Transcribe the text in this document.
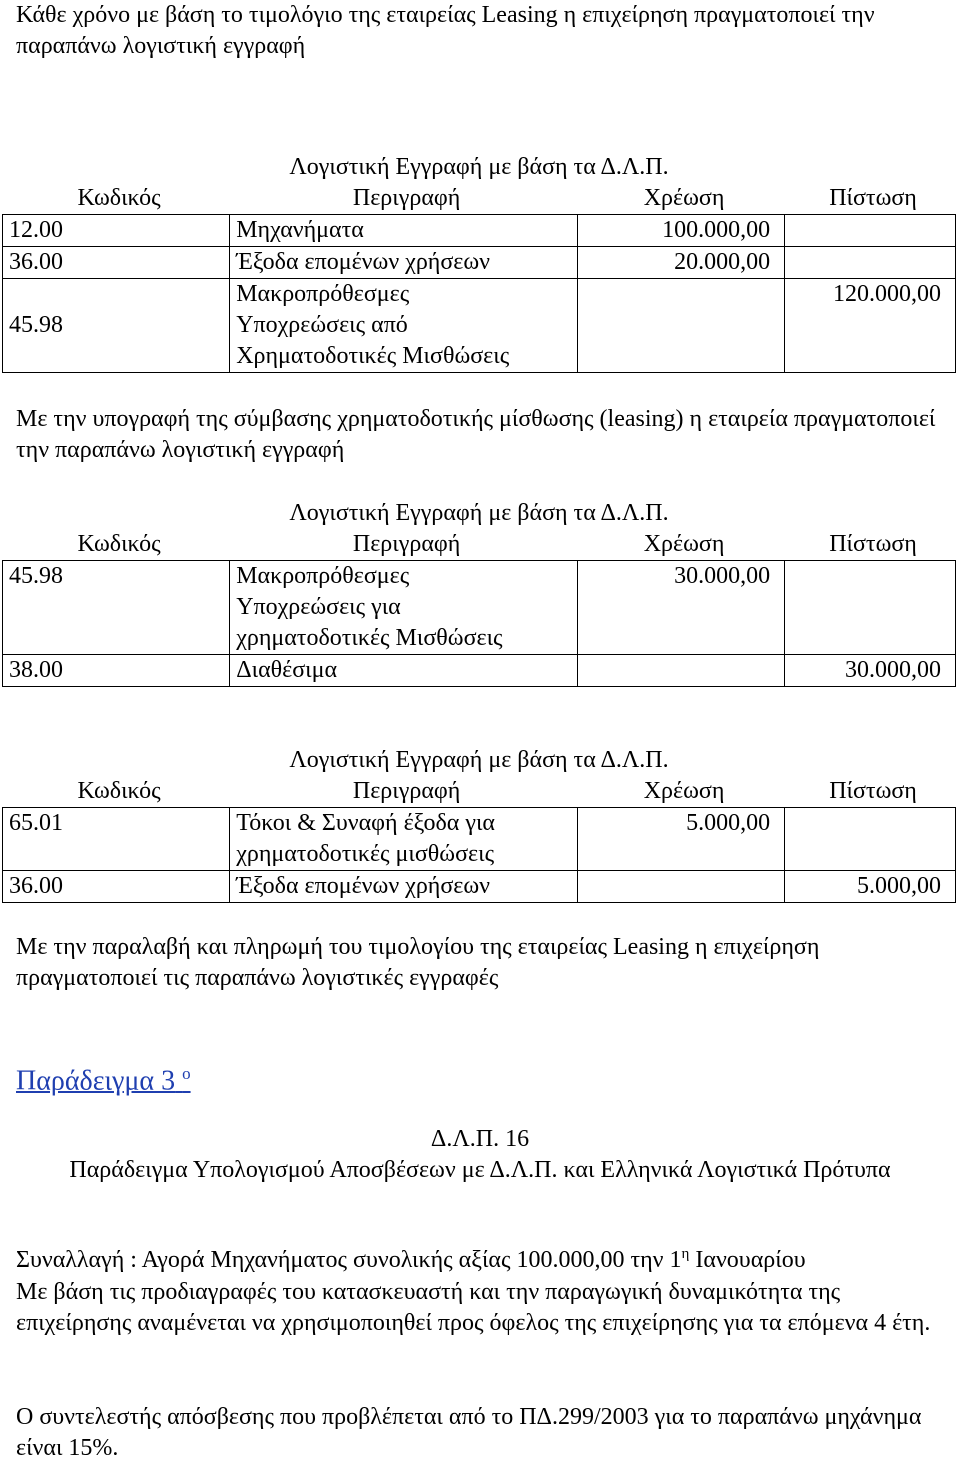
Κάθε χρόνο με βάση το τιμολόγιο της εταιρείας Leasing η επιχείρηση πραγματοποιεί την παραπάνω λογιστική εγγραφή

Λογιστική Εγγραφή με βάση τα Δ.Λ.Π.			
Κωδικός	Περιγραφή	Χρέωση	Πίστωση
12.00	Μηχανήματα	100.000,00	
36.00	Έξοδα επομένων χρήσεων	20.000,00	
45.98	Μακροπρόθεσμες
Υποχρεώσεις από
Χρηματοδοτικές Μισθώσεις		120.000,00

Με την υπογραφή της σύμβασης χρηματοδοτικής μίσθωσης (leasing) η εταιρεία πραγματοποιεί την παραπάνω λογιστική εγγραφή

Λογιστική Εγγραφή με βάση τα Δ.Λ.Π.			
Κωδικός	Περιγραφή	Χρέωση	Πίστωση
45.98	Μακροπρόθεσμες
Υποχρεώσεις για
χρηματοδοτικές Μισθώσεις	30.000,00	
38.00	Διαθέσιμα		30.000,00
Λογιστική Εγγραφή με βάση τα Δ.Λ.Π.			
Κωδικός	Περιγραφή	Χρέωση	Πίστωση
65.01	Τόκοι & Συναφή έξοδα για
χρηματοδοτικές μισθώσεις	5.000,00	
36.00	Έξοδα επομένων χρήσεων		5.000,00

Με την παραλαβή και πληρωμή του τιμολογίου της εταιρείας Leasing η επιχείρηση πραγματοποιεί τις παραπάνω λογιστικές εγγραφές

Παράδειγμα 3 $^o$

Δ.Λ.Π. 16

Παράδειγμα Υπολογισμού Αποσβέσεων με Δ.Λ.Π. και Ελληνικά Λογιστικά Πρότυπα

Συναλλαγή : Αγορά Μηχανήματος συνολικής αξίας 100.000,00 την $1^\eta$ Ιανουαρίου

Με βάση τις προδιαγραφές του κατασκευαστή και την παραγωγική δυναμικότητα της επιχείρησης αναμένεται να χρησιμοποιηθεί προς όφελος της επιχείρησης για τα επόμενα 4 έτη.

Ο συντελεστής απόσβεσης που προβλέπεται από το ΠΔ.299/2003 για το παραπάνω μηχάνημα είναι 15%.
